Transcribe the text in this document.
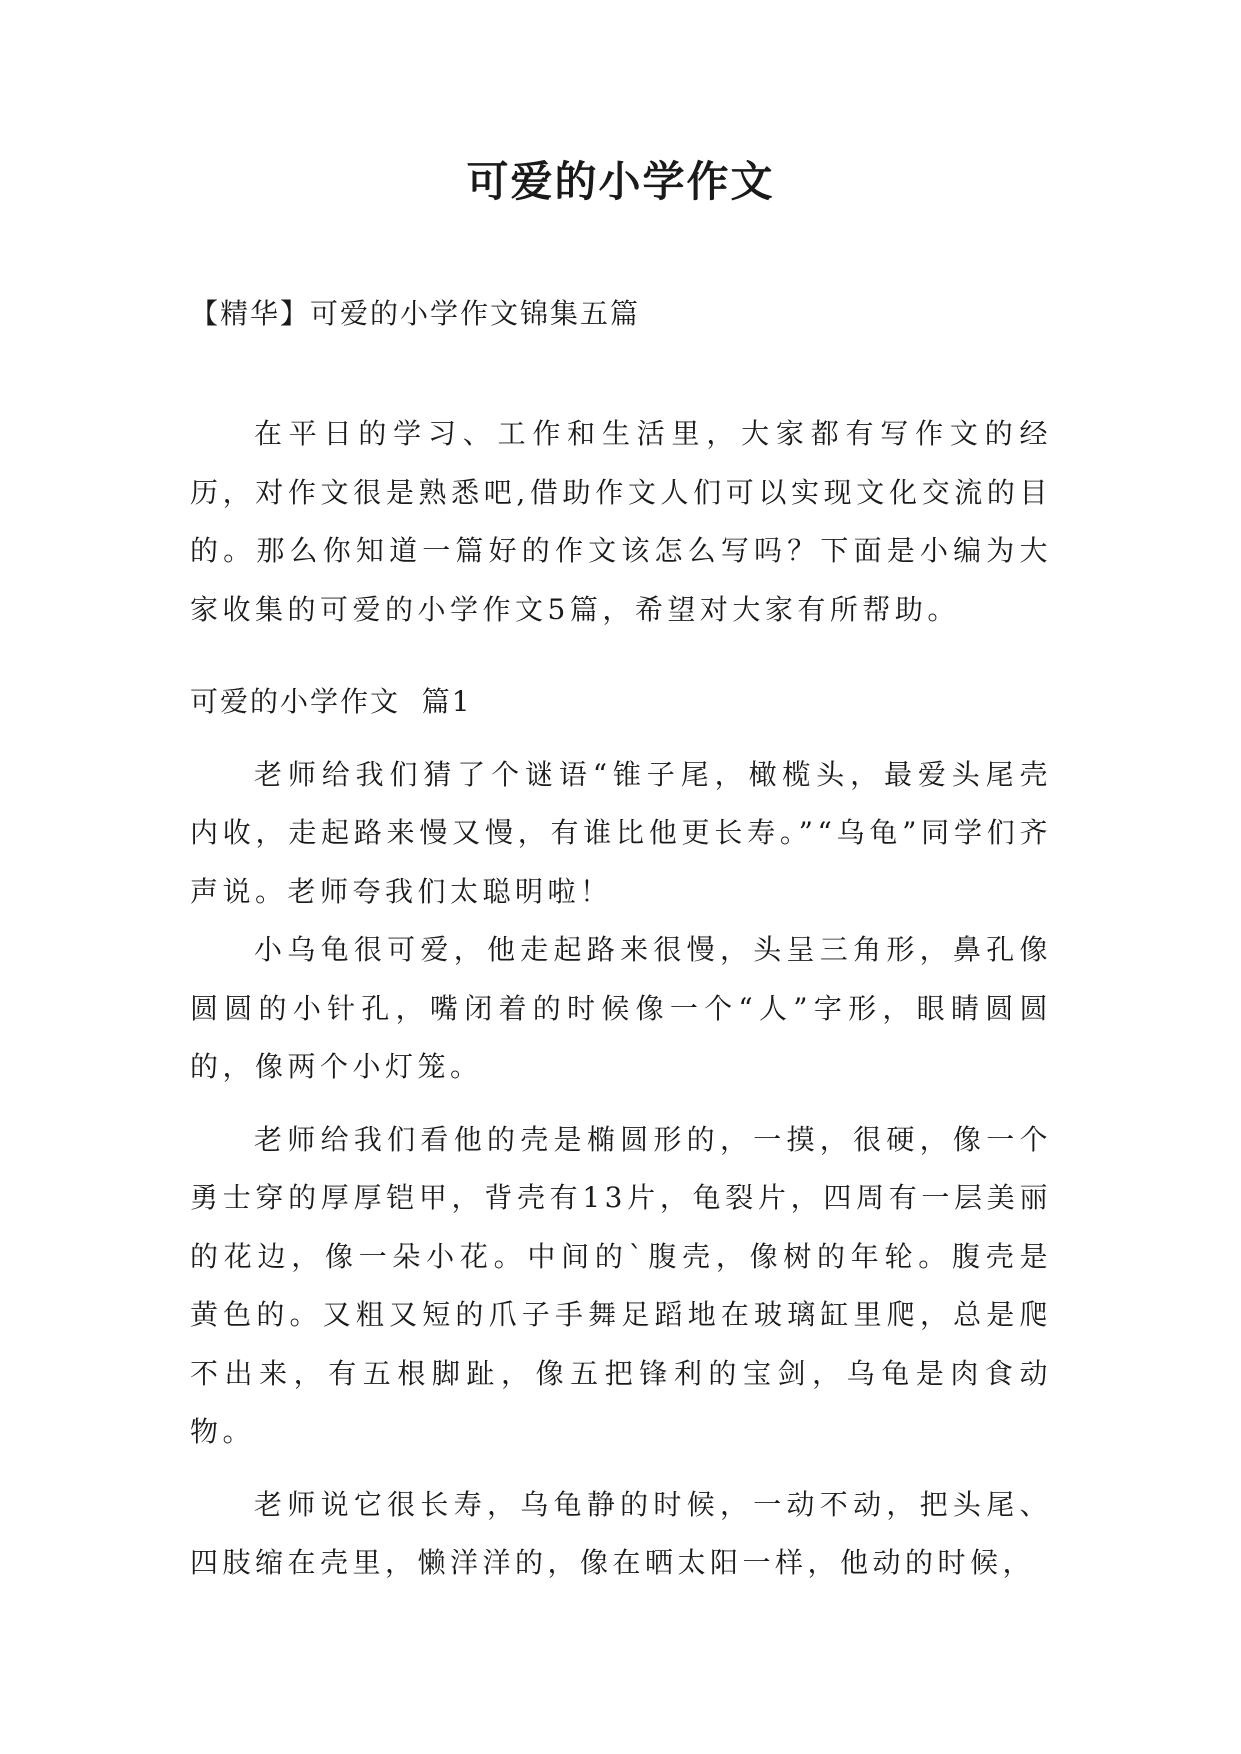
可爱的小学作文

【精华】可爱的小学作文锦集五篇

在平日的学习、工作和生活里，大家都有写作文的经历，对作文很是熟悉吧,借助作文人们可以实现文化交流的目的。那么你知道一篇好的作文该怎么写吗？下面是小编为大家收集的可爱的小学作文5篇，希望对大家有所帮助。

可爱的小学作文  篇1

老师给我们猜了个谜语“锥子尾，橄榄头，最爱头尾壳内收，走起路来慢又慢，有谁比他更长寿。”“乌龟”同学们齐声说。老师夸我们太聪明啦！

小乌龟很可爱，他走起路来很慢，头呈三角形，鼻孔像圆圆的小针孔，嘴闭着的时候像一个“人”字形，眼睛圆圆的，像两个小灯笼。

老师给我们看他的壳是椭圆形的，一摸，很硬，像一个勇士穿的厚厚铠甲，背壳有13片，龟裂片，四周有一层美丽的花边，像一朵小花。中间的`腹壳，像树的年轮。腹壳是黄色的。又粗又短的爪子手舞足蹈地在玻璃缸里爬，总是爬不出来，有五根脚趾，像五把锋利的宝剑，乌龟是肉食动物。

老师说它很长寿，乌龟静的时候，一动不动，把头尾、四肢缩在壳里，懒洋洋的，像在晒太阳一样，他动的时候，
